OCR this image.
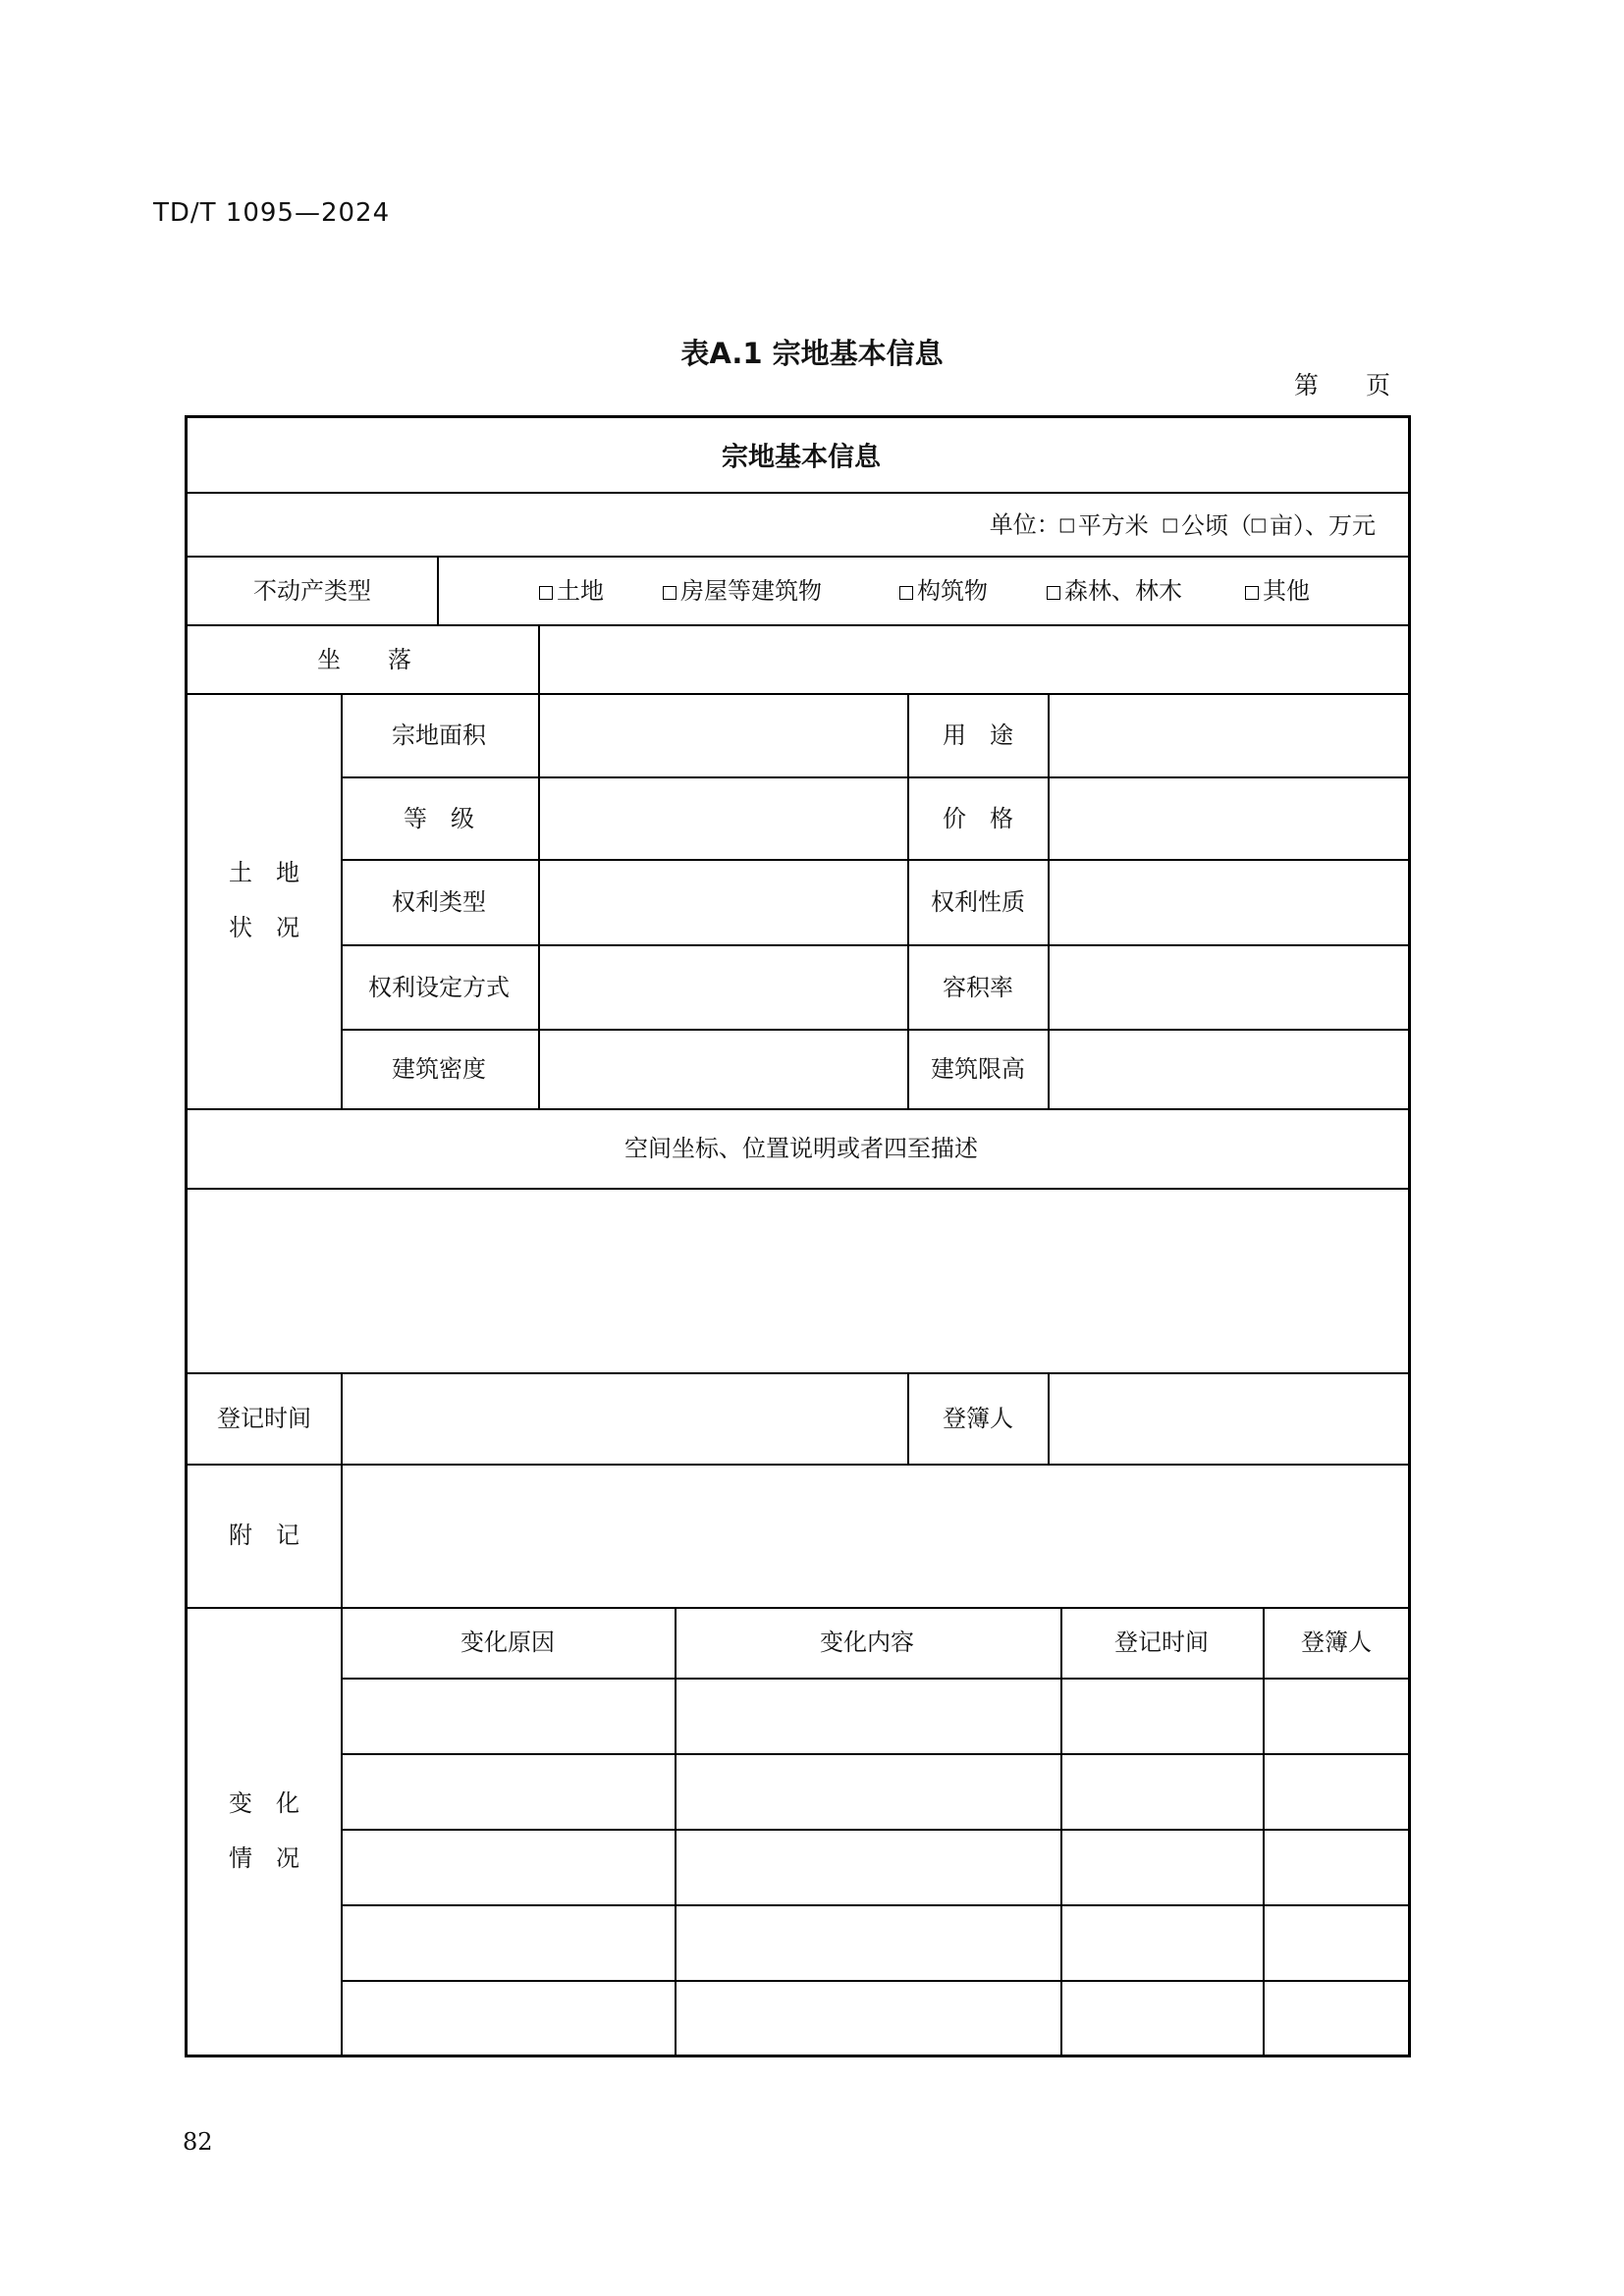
TD/T 1095—2024
表A.1 宗地基本信息
第 页
宗地基本信息
单位： 平方米
公顷（ 亩）、万元
不动产类型	土地	房屋等建筑物	构筑物	森林、林木	其他
坐　　落
土　地
状　况
宗地面积	用　途
等　级	价　格
权利类型	权利性质
权利设定方式	容积率
建筑密度	建筑限高
空间坐标、位置说明或者四至描述
登记时间	登簿人
附　记
变　化
情　况
变化原因	变化内容	登记时间	登簿人
82
